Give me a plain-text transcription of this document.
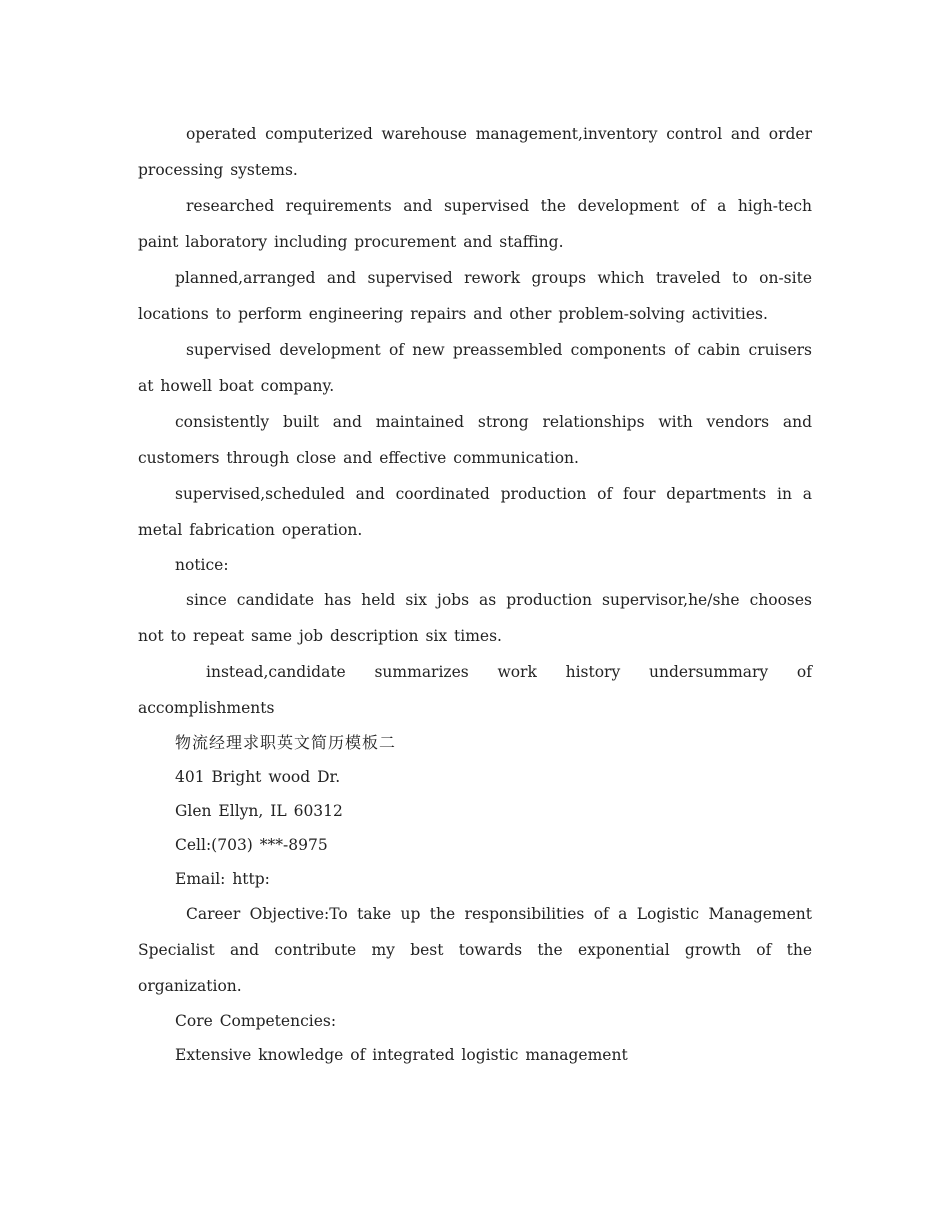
operated computerized warehouse management,inventory control and order processing systems.

researched requirements and supervised the development of a high-tech paint laboratory including procurement and staffing.

planned,arranged and supervised rework groups which traveled to on-site locations to perform engineering repairs and other problem-solving activities.

supervised development of new preassembled components of cabin cruisers at howell boat company.

consistently built and maintained strong relationships with vendors and customers through close and effective communication.

supervised,scheduled and coordinated production of four departments in a metal fabrication operation.

notice:

since candidate has held six jobs as production supervisor,he/she chooses not to repeat same job description six times.

instead,candidate summarizes work history undersummary of accomplishments

物流经理求职英文简历模板二

401 Bright wood Dr.

Glen Ellyn, IL 60312

Cell:(703) ***-8975

Email: http:

Career Objective:To take up the responsibilities of a Logistic Management Specialist and contribute my best towards the exponential growth of the organization.

Core Competencies:

Extensive knowledge of integrated logistic management
